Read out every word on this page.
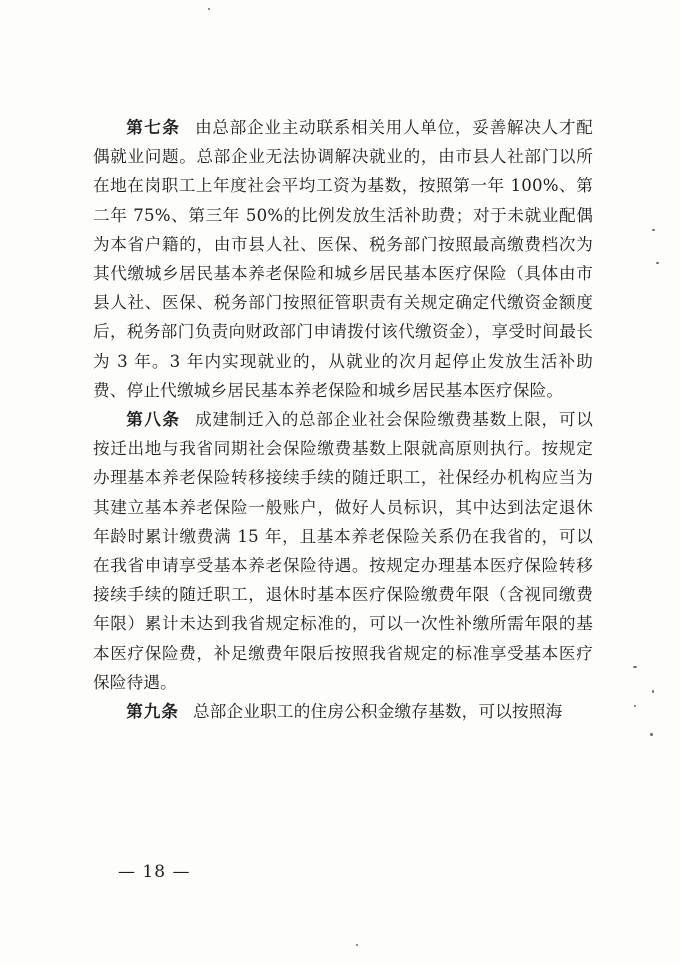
第七条 由总部企业主动联系相关用人单位，妥善解决人才配偶就业问题。总部企业无法协调解决就业的，由市县人社部门以所在地在岗职工上年度社会平均工资为基数，按照第一年 100%、第二年 75%、第三年 50%的比例发放生活补助费；对于未就业配偶为本省户籍的，由市县人社、医保、税务部门按照最高缴费档次为其代缴城乡居民基本养老保险和城乡居民基本医疗保险（具体由市县人社、医保、税务部门按照征管职责有关规定确定代缴资金额度后，税务部门负责向财政部门申请拨付该代缴资金），享受时间最长为 3 年。3 年内实现就业的，从就业的次月起停止发放生活补助费、停止代缴城乡居民基本养老保险和城乡居民基本医疗保险。

第八条 成建制迁入的总部企业社会保险缴费基数上限，可以按迁出地与我省同期社会保险缴费基数上限就高原则执行。按规定办理基本养老保险转移接续手续的随迁职工，社保经办机构应当为其建立基本养老保险一般账户，做好人员标识，其中达到法定退休年龄时累计缴费满 15 年，且基本养老保险关系仍在我省的，可以在我省申请享受基本养老保险待遇。按规定办理基本医疗保险转移接续手续的随迁职工，退休时基本医疗保险缴费年限（含视同缴费年限）累计未达到我省规定标准的，可以一次性补缴所需年限的基本医疗保险费，补足缴费年限后按照我省规定的标准享受基本医疗保险待遇。

第九条 总部企业职工的住房公积金缴存基数，可以按照海

— 18 —
